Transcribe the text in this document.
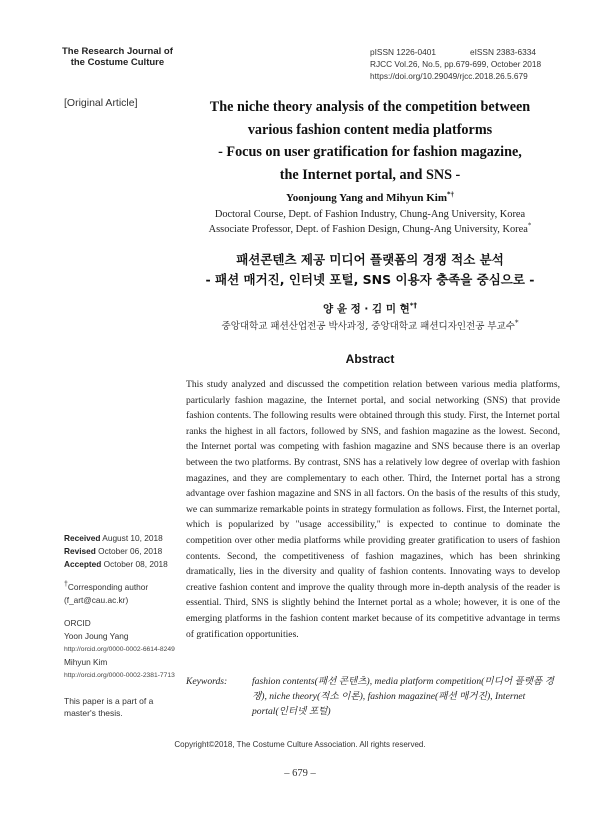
The Research Journal of
the Costume Culture
pISSN 1226-0401	eISSN 2383-6334
RJCC Vol.26, No.5, pp.679-699, October 2018
https://doi.org/10.29049/rjcc.2018.26.5.679
[Original Article]	The niche theory analysis of the competition between
various fashion content media platforms
- Focus on user gratification for fashion magazine,
the Internet portal, and SNS -
Yoonjoung Yang and Mihyun Kim*†
Doctoral Course, Dept. of Fashion Industry, Chung-Ang University, Korea
Associate Professor, Dept. of Fashion Design, Chung-Ang University, Korea*
패션콘텐츠 제공 미디어 플랫폼의 경쟁 적소 분석
- 패션 매거진, 인터넷 포털, SNS 이용자 충족을 중심으로 -
양 윤 정 · 김 미 현*†
중앙대학교 패션산업전공 박사과정, 중앙대학교 패션디자인전공 부교수*
Abstract
This study analyzed and discussed the competition relation between various media platforms, particularly fashion magazine, the Internet portal, and social networking (SNS) that provide fashion contents. The following results were obtained through this study. First, the Internet portal ranks the highest in all factors, followed by SNS, and fashion magazine as the lowest. Second, the Internet portal was competing with fashion magazine and SNS because there is an overlap between the two platforms. By contrast, SNS has a relatively low degree of overlap with fashion magazines, and they are complementary to each other. Third, the Internet portal has a strong advantage over fashion magazine and SNS in all factors. On the basis of the results of this study, we can summarize remarkable points in strategy formulation as follows. First, the Internet portal, which is popularized by "usage accessibility," is expected to continue to dominate the competition over other media platforms while providing greater gratification to users of fashion contents. Second, the competitiveness of fashion magazines, which has been shrinking dramatically, lies in the diversity and quality of fashion contents. Innovating ways to develop creative fashion content and improve the quality through more in-depth analysis of the reader is essential. Third, SNS is slightly behind the Internet portal as a whole; however, it is one of the emerging platforms in the fashion content market because of its competitive advantage in terms of gratification opportunities.
Keywords:	fashion contents(패션 콘텐츠), media platform competition(미디어 플랫폼 경쟁), niche theory(적소 이론), fashion magazine(패션 매거진), Internet portal(인터넷 포털)
Received August 10, 2018
Revised October 06, 2018
Accepted October 08, 2018
†Corresponding author
(f_art@cau.ac.kr)
ORCID
Yoon Joung Yang
http://orcid.org/0000-0002-6614-8249
Mihyun Kim
http://orcid.org/0000-0002-2381-7713
This paper is a part of a
master's thesis.
Copyright©2018, The Costume Culture Association. All rights reserved.
– 679 –
